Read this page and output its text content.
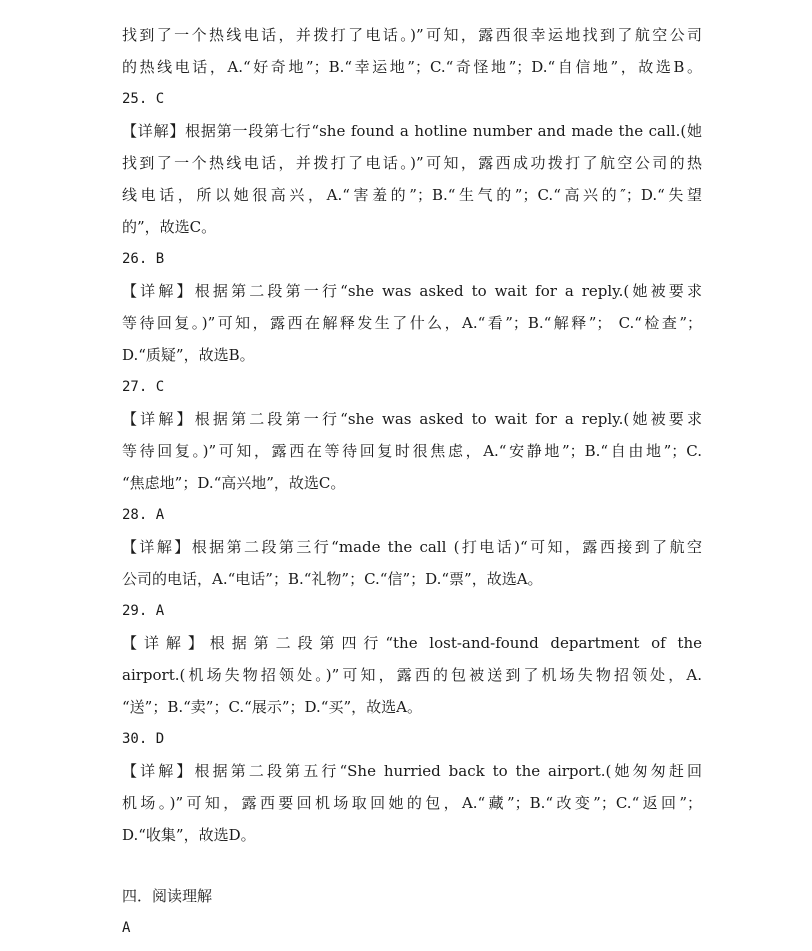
找到了一个热线电话，并拨打了电话。)”可知，露西很幸运地找到了航空公司
的热线电话，A.“好奇地”；B.“幸运地”；C.“奇怪地”；D.“自信地”，故选B。
25. C
【详解】根据第一段第七行“she found a hotline number and made the call.(她
找到了一个热线电话，并拨打了电话。)”可知，露西成功拨打了航空公司的热
线电话，所以她很高兴，A.“害羞的”；B.“生气的”；C.“高兴的″；D.“失望
的”，故选C。
26. B
【详解】根据第二段第一行“she was asked to wait for a reply.(她被要求
等待回复。)”可知，露西在解释发生了什么，A.“看”；B.“解释”； C.“检查”；
D.“质疑”，故选B。
27. C
【详解】根据第二段第一行“she was asked to wait for a reply.(她被要求
等待回复。)”可知，露西在等待回复时很焦虑，A.“安静地”；B.“自由地”；C.
“焦虑地”；D.“高兴地”，故选C。
28. A
【详解】根据第二段第三行“made the call (打电话)“可知，露西接到了航空
公司的电话，A.“电话”；B.“礼物”；C.“信”；D.“票”，故选A。
29. A
【详解】根据第二段第四行“the lost-and-found department of the
airport.(机场失物招领处。)”可知，露西的包被送到了机场失物招领处，A.
“送”；B.“卖”；C.“展示”；D.“买”，故选A。
30. D
【详解】根据第二段第五行“She hurried back to the airport.(她匆匆赶回
机场。)”可知，露西要回机场取回她的包，A.“藏”；B.“改变”；C.“返回”；
D.“收集”，故选D。
四．阅读理解
A
